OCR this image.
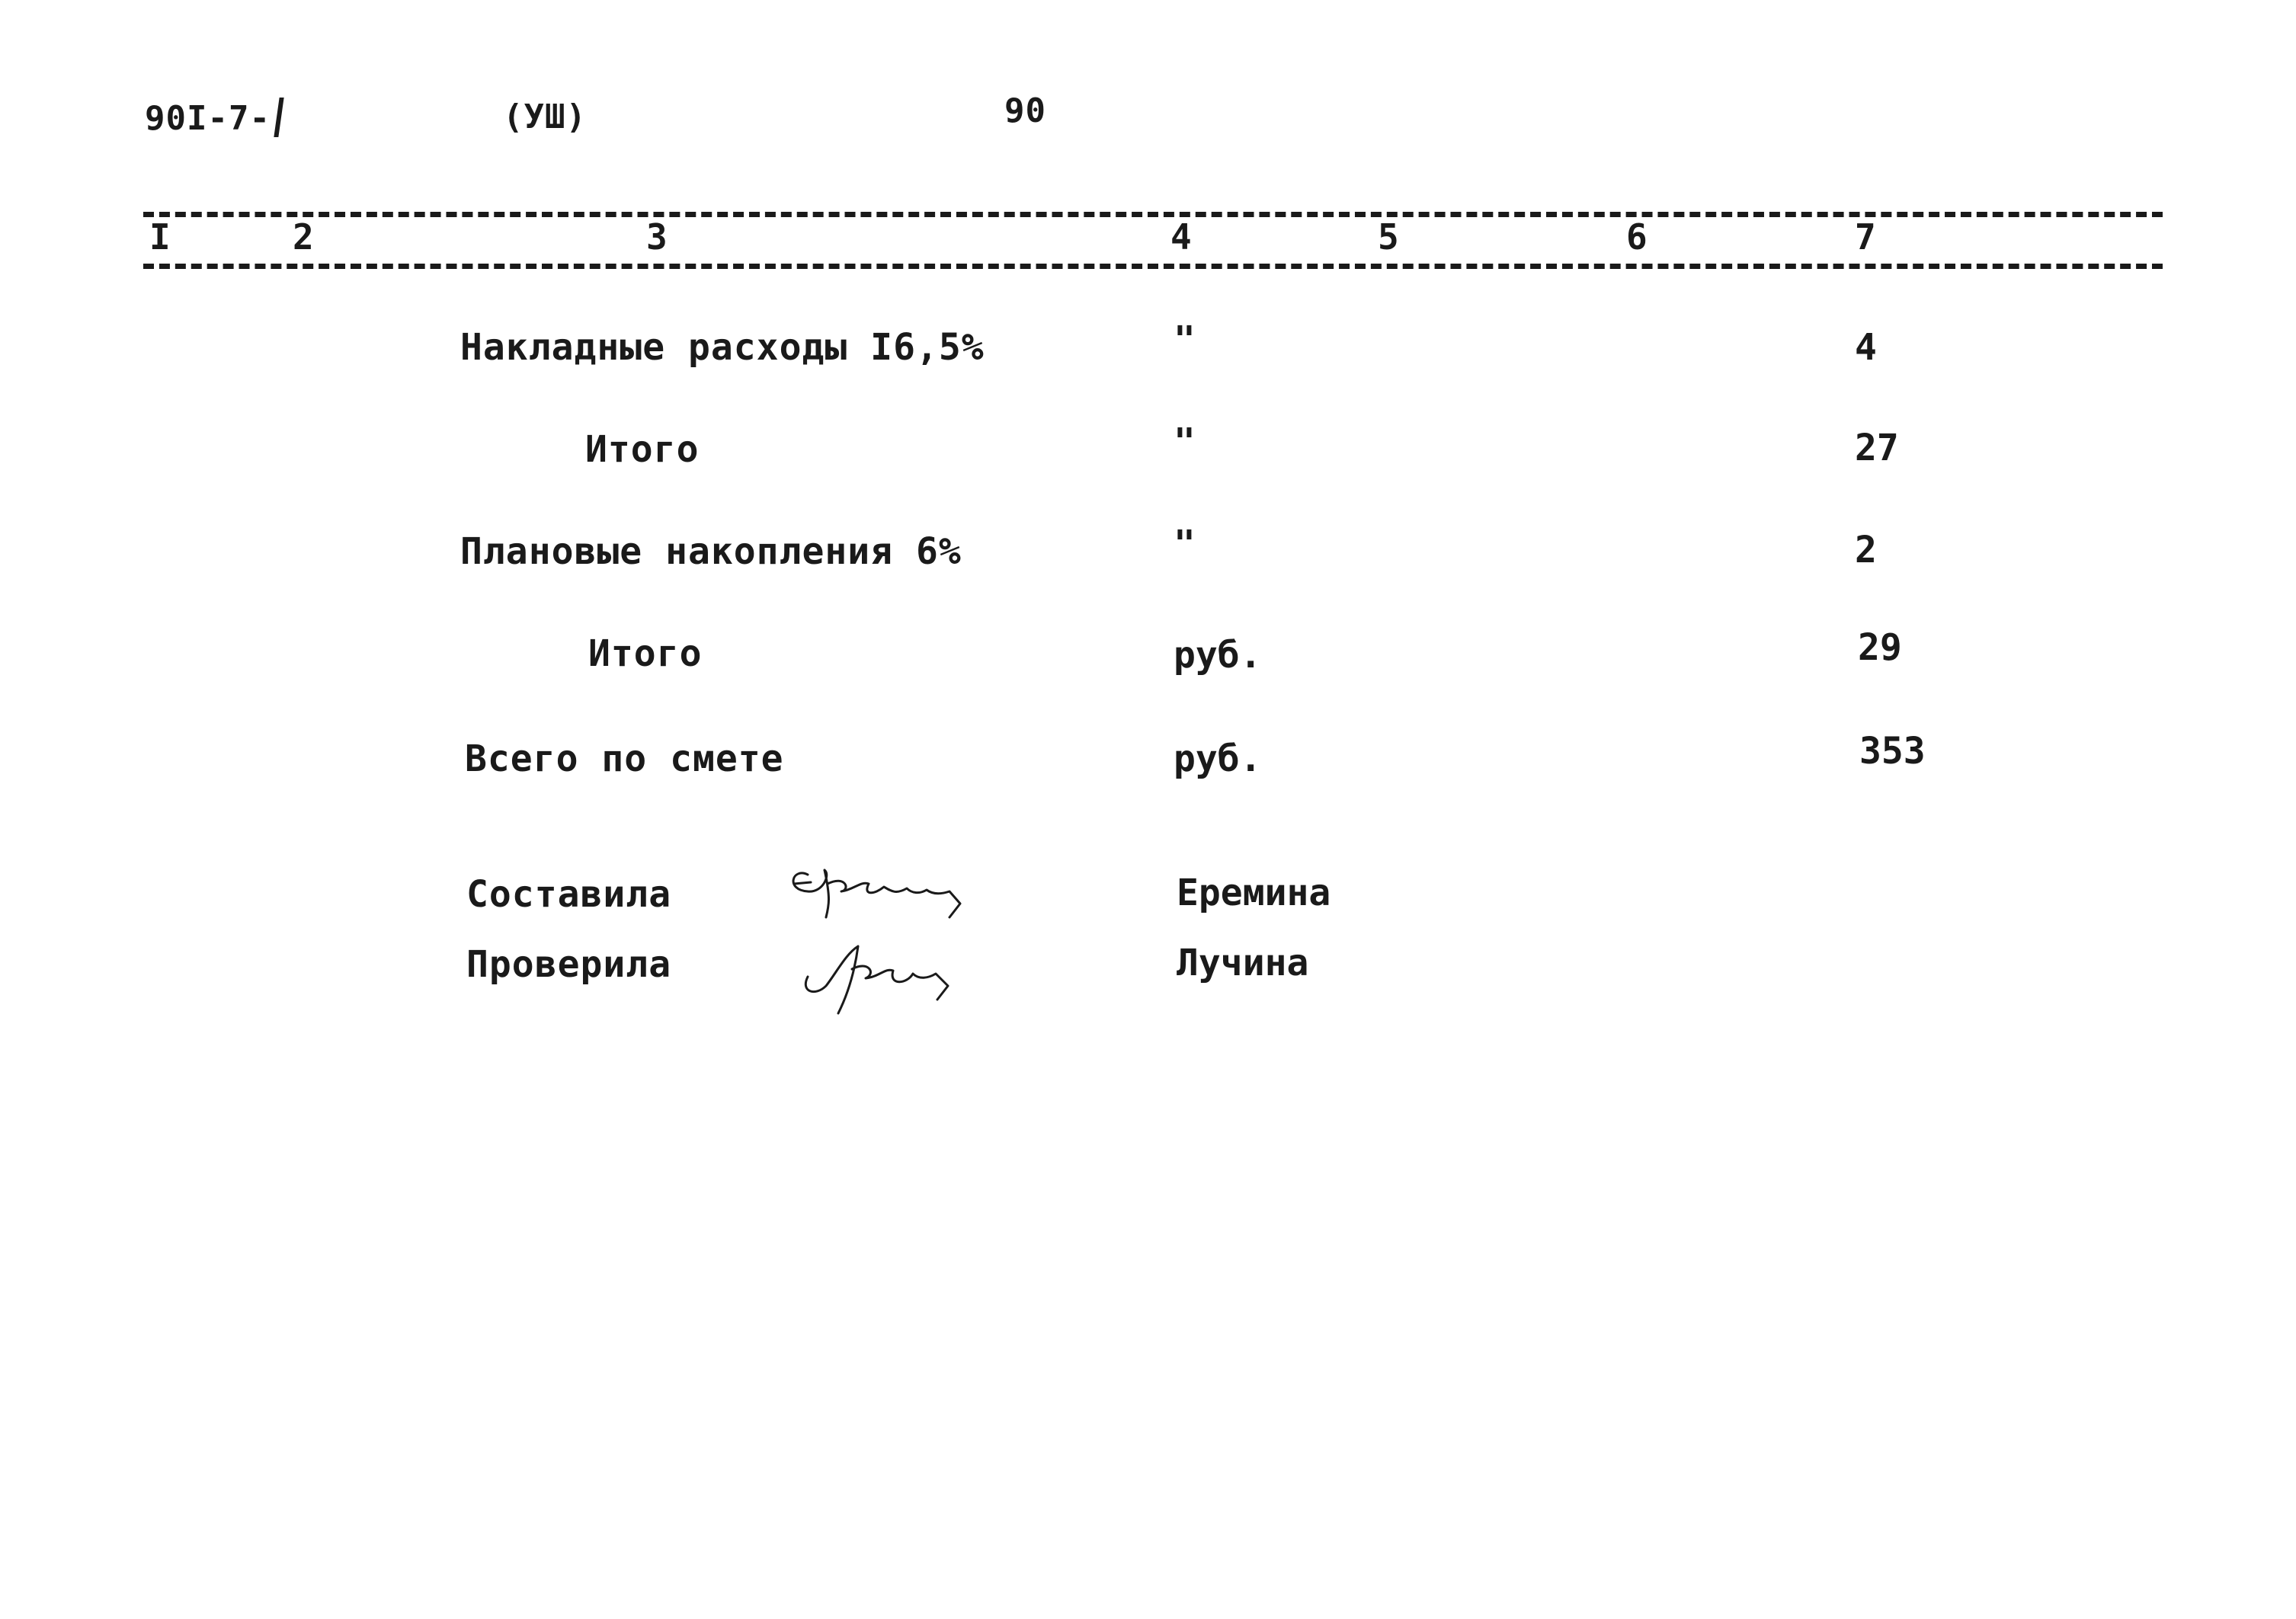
90I-7-	(УШ)	90
I	2	3	4	5	6	7
Накладные расходы I6,5%	"	4
Итого	"	27
Плановые накопления 6%	"	2
Итого	руб.	29
Всего по смете	руб.	353
Составила	Еремина
Проверила	Лучина
